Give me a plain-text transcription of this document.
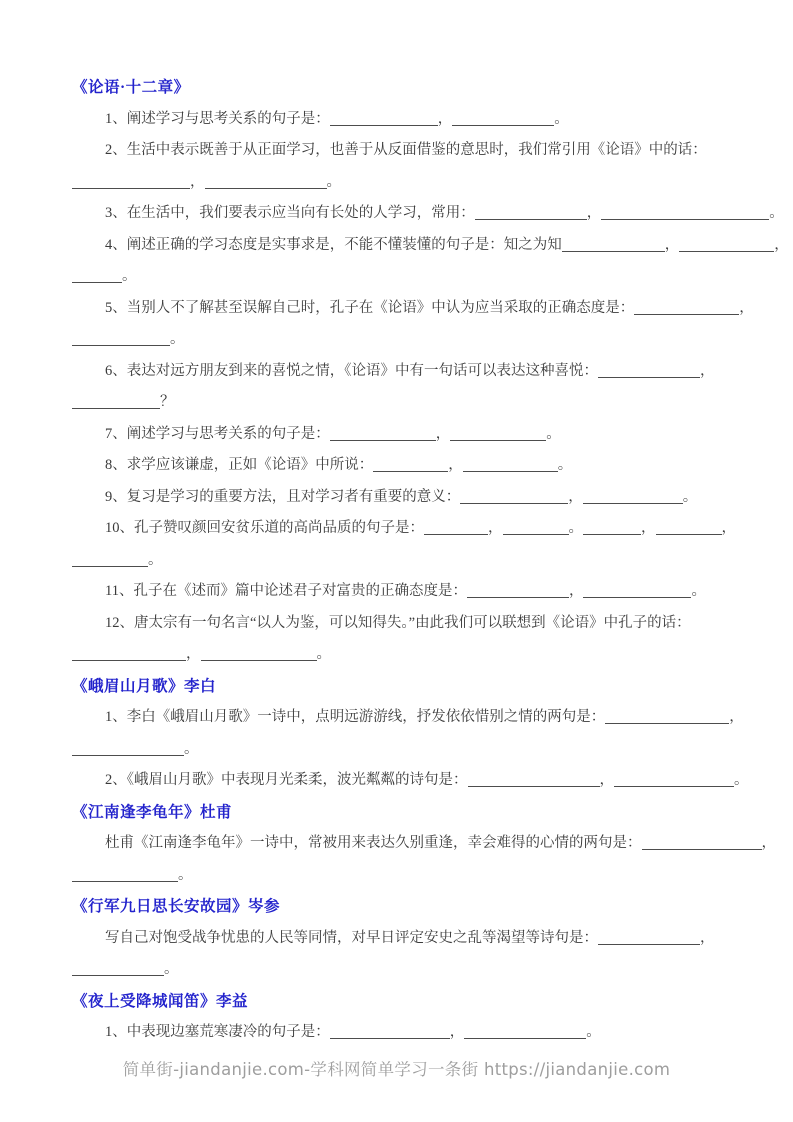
《论语·十二章》
1、阐述学习与思考关系的句子是：	，	。
2、生活中表示既善于从正面学习，也善于从反面借鉴的意思时，我们常引用《论语》中的话：
，	。
3、在生活中，我们要表示应当向有长处的人学习，常用：	，	。
4、阐述正确的学习态度是实事求是，不能不懂装懂的句子是：知之为知	，	，
。
5、当别人不了解甚至误解自己时，孔子在《论语》中认为应当采取的正确态度是：	，
。
6、表达对远方朋友到来的喜悦之情，《论语》中有一句话可以表达这种喜悦：	，
？
7、阐述学习与思考关系的句子是：	，	。
8、求学应该谦虚，正如《论语》中所说：	，	。
9、复习是学习的重要方法，且对学习者有重要的意义：	，	。
10、孔子赞叹颜回安贫乐道的高尚品质的句子是：	，	。	，	，
。
11、孔子在《述而》篇中论述君子对富贵的正确态度是：	，	。
12、唐太宗有一句名言“以人为鉴，可以知得失。”由此我们可以联想到《论语》中孔子的话：
，	。
《峨眉山月歌》李白
1、李白《峨眉山月歌》一诗中，点明远游游线，抒发依依惜别之情的两句是：	，
。
2、《峨眉山月歌》中表现月光柔柔，波光粼粼的诗句是：	，	。
《江南逢李龟年》杜甫
杜甫《江南逢李龟年》一诗中，常被用来表达久别重逢，幸会难得的心情的两句是：	，
。
《行军九日思长安故园》岑参
写自己对饱受战争忧患的人民等同情，对早日评定安史之乱等渴望等诗句是：	，
。
《夜上受降城闻笛》李益
1、中表现边塞荒寒凄冷的句子是：	，	。
简单街-jiandanjie.com-学科网简单学习一条街 https://jiandanjie.com
